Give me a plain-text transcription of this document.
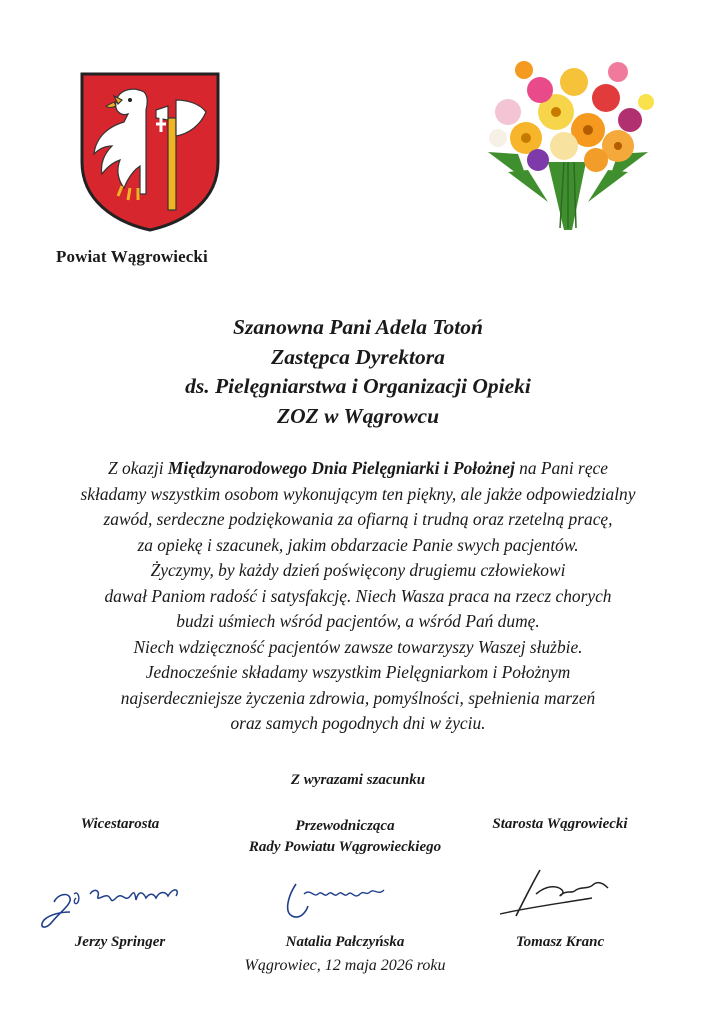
Powiat Wągrowiecki
Szanowna Pani Adela Totoń
Zastępca Dyrektora
ds. Pielęgniarstwa i Organizacji Opieki
ZOZ w Wągrowcu
Z okazji Międzynarodowego Dnia Pielęgniarki i Położnej na Pani ręce
składamy wszystkim osobom wykonującym ten piękny, ale jakże odpowiedzialny
zawód, serdeczne podziękowania za ofiarną i trudną oraz rzetelną pracę,
za opiekę i szacunek, jakim obdarzacie Panie swych pacjentów.
Życzymy, by każdy dzień poświęcony drugiemu człowiekowi
dawał Paniom radość i satysfakcję. Niech Wasza praca na rzecz chorych
budzi uśmiech wśród pacjentów, a wśród Pań dumę.
Niech wdzięczność pacjentów zawsze towarzyszy Waszej służbie.
Jednocześnie składamy wszystkim Pielęgniarkom i Położnym
najserdeczniejsze życzenia zdrowia, pomyślności, spełnienia marzeń
oraz samych pogodnych dni w życiu.
Z wyrazami szacunku
Wicestarosta	Przewodnicząca
Rady Powiatu Wągrowieckiego
Starosta Wągrowiecki
Jerzy Springer	Natalia Pałczyńska	Tomasz Kranc
Wągrowiec, 12 maja 2026 roku
